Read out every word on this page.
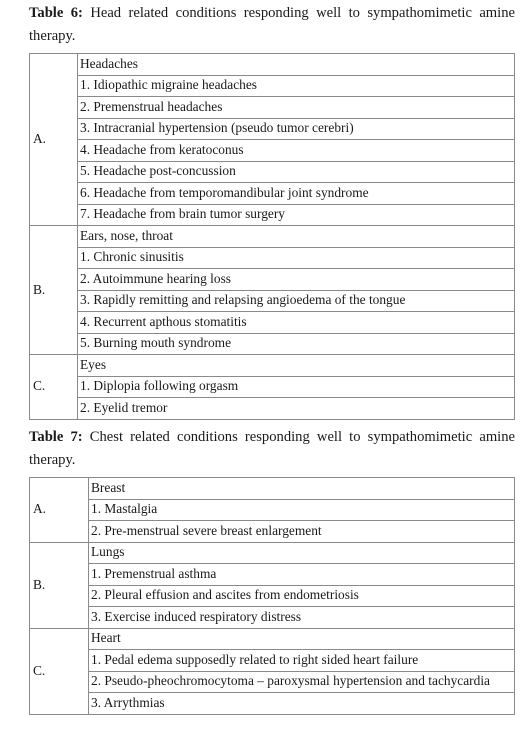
Table 6: Head related conditions responding well to sympathomimetic amine therapy.
A.	Headaches
	1. Idiopathic migraine headaches
	2. Premenstrual headaches
	3. Intracranial hypertension (pseudo tumor cerebri)
	4. Headache from keratoconus
	5. Headache post-concussion
	6. Headache from temporomandibular joint syndrome
	7. Headache from brain tumor surgery
B.	Ears, nose, throat
	1. Chronic sinusitis
	2. Autoimmune hearing loss
	3. Rapidly remitting and relapsing angioedema of the tongue
	4. Recurrent apthous stomatitis
	5. Burning mouth syndrome
C.	Eyes
	1. Diplopia following orgasm
	2. Eyelid tremor
Table 7: Chest related conditions responding well to sympathomimetic amine therapy.
A.	Breast
	1. Mastalgia
	2. Pre-menstrual severe breast enlargement
B.	Lungs
	1. Premenstrual asthma
	2. Pleural effusion and ascites from endometriosis
	3. Exercise induced respiratory distress
C.	Heart
	1. Pedal edema supposedly related to right sided heart failure
	2. Pseudo-pheochromocytoma – paroxysmal hypertension and tachycardia
	3. Arrythmias
